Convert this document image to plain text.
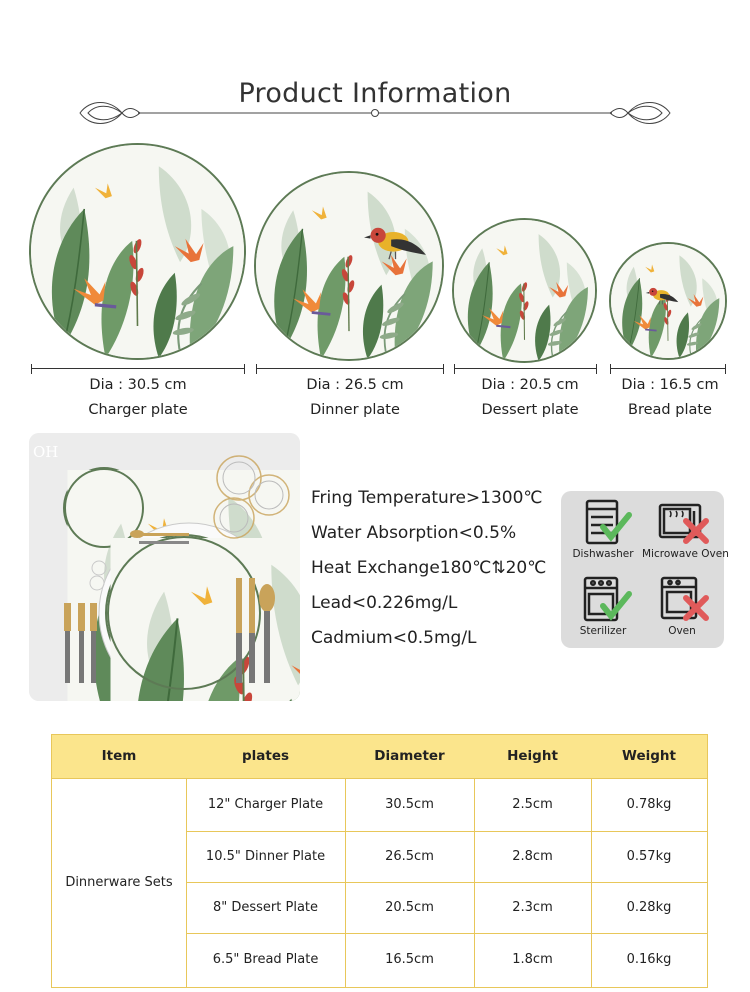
Product Information
Dia : 30.5 cm
Charger plate
Dia : 26.5 cm
Dinner plate
Dia : 20.5 cm
Dessert plate
Dia : 16.5 cm
Bread plate
OH
Fring Temperature>1300℃
Water Absorption<0.5%
Heat Exchange180℃⇅20℃
Lead<0.226mg/L
Cadmium<0.5mg/L
Dishwasher Microwave Oven
Sterilizer	Oven
Item	plates	Diameter	Height	Weight
Dinnerware Sets
12" Charger Plate	30.5cm	2.5cm	0.78kg
10.5" Dinner Plate	26.5cm	2.8cm	0.57kg
8" Dessert Plate	20.5cm	2.3cm	0.28kg
6.5" Bread Plate	16.5cm	1.8cm	0.16kg
